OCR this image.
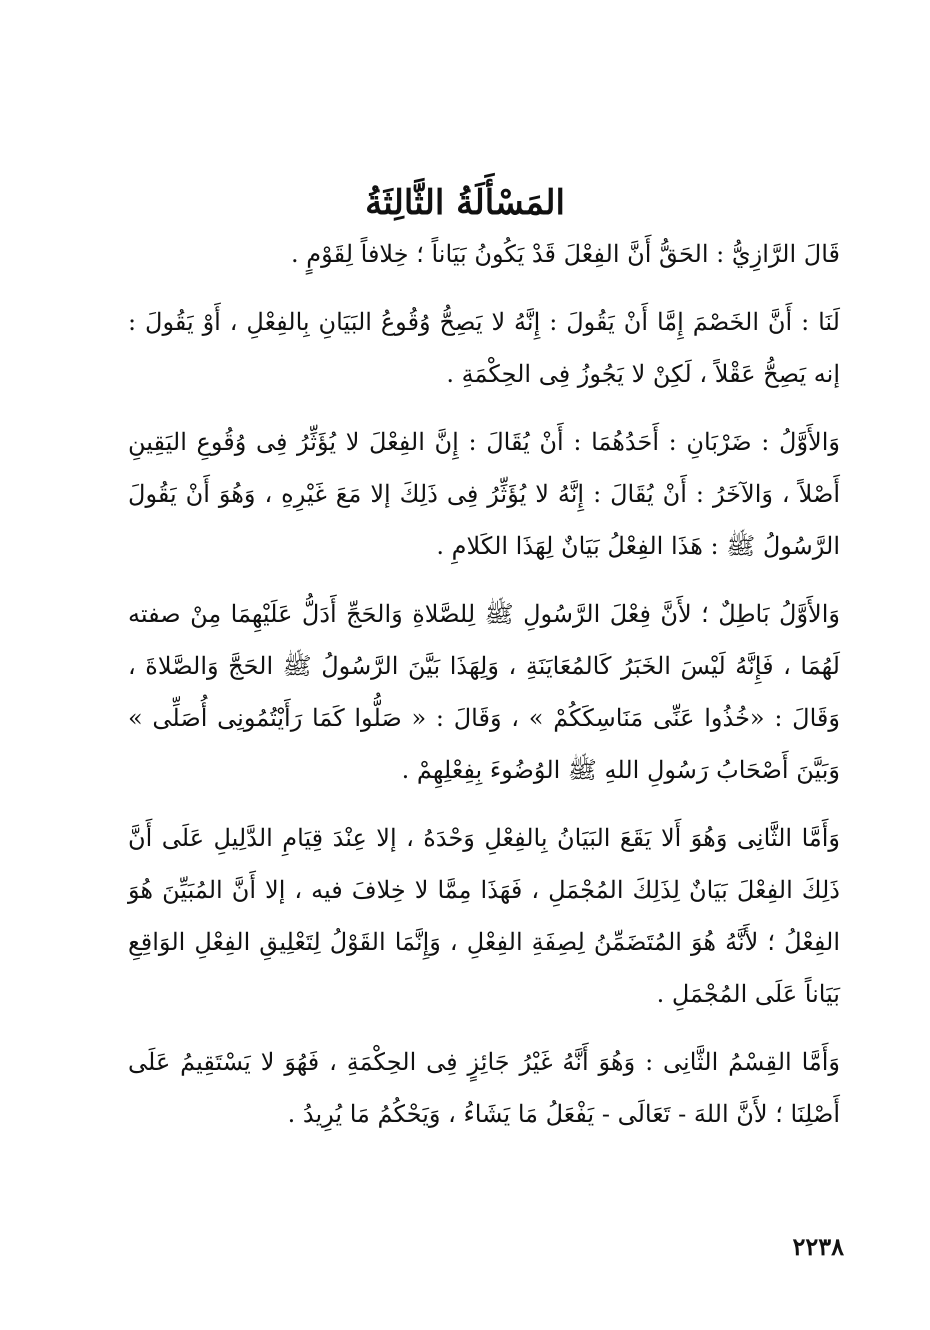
المَسْأَلَةُ الثَّالِثَةُ

قَالَ الرَّازِيُّ : الحَقُّ أَنَّ الفِعْلَ قَدْ يَكُونُ بَيَاناً ؛ خِلافاً لِقَوْمٍ .

لَنَا : أَنَّ الخَصْمَ إِمَّا أَنْ يَقُولَ : إِنَّهُ لا يَصِحُّ وُقُوعُ البَيَانِ بِالفِعْلِ ، أَوْ يَقُولَ : إنه يَصِحُّ عَقْلاً ، لَكِنْ لا يَجُوزُ فِى الحِكْمَةِ .

وَالأَوَّلُ : ضَرْبَانِ : أَحَدُهُمَا : أَنْ يُقَالَ : إِنَّ الفِعْلَ لا يُؤَثِّرُ فِى وُقُوعِ اليَقِينِ أَصْلاً ، وَالآخَرُ : أَنْ يُقَالَ : إِنَّهُ لا يُؤَثِّرُ فِى ذَلِكَ إلا مَعَ غَيْرِهِ ، وَهُوَ أَنْ يَقُولَ الرَّسُولُ ﷺ : هَذَا الفِعْلُ بَيَانٌ لِهَذَا الكَلامِ .

وَالأَوَّلُ بَاطِلٌ ؛ لأَنَّ فِعْلَ الرَّسُولِ ﷺ لِلصَّلاةِ وَالحَجِّ أَدَلُّ عَلَيْهِمَا مِنْ صفته لَهُمَا ، فَإِنَّهُ لَيْسَ الخَبَرُ كَالمُعَايَنَةِ ، وَلِهَذَا بَيَّنَ الرَّسُولُ ﷺ الحَجَّ وَالصَّلاةَ ، وَقَالَ : «خُذُوا عَنِّى مَنَاسِكَكُمْ » ، وَقَالَ : « صَلُّوا كَمَا رَأَيْتُمُونِى أُصَلِّى » وَبَيَّنَ أَصْحَابُ رَسُولِ اللهِ ﷺ الوُضُوءَ بِفِعْلِهِمْ .

وَأَمَّا الثَّانِى وَهُوَ أَلا يَقَعَ البَيَانُ بِالفِعْلِ وَحْدَهُ ، إلا عِنْدَ قِيَامِ الدَّلِيلِ عَلَى أَنَّ ذَلِكَ الفِعْلَ بَيَانٌ لِذَلِكَ المُجْمَلِ ، فَهَذَا مِمَّا لا خِلافَ فيه ، إلا أَنَّ المُبَيِّنَ هُوَ الفِعْلُ ؛ لأَنَّهُ هُوَ المُتَضَمِّنُ لِصِفَةِ الفِعْلِ ، وَإِنَّمَا القَوْلُ لِتَعْلِيقِ الفِعْلِ الوَاقِعِ بَيَاناً عَلَى المُجْمَلِ .

وَأَمَّا القِسْمُ الثَّانِى : وَهُوَ أَنَّهُ غَيْرُ جَائِزٍ فِى الحِكْمَةِ ، فَهُوَ لا يَسْتَقِيمُ عَلَى أَصْلِنَا ؛ لأَنَّ اللهَ - تَعَالَى - يَفْعَلُ مَا يَشَاءُ ، وَيَحْكُمُ مَا يُرِيدُ .

٢٢٣٨
